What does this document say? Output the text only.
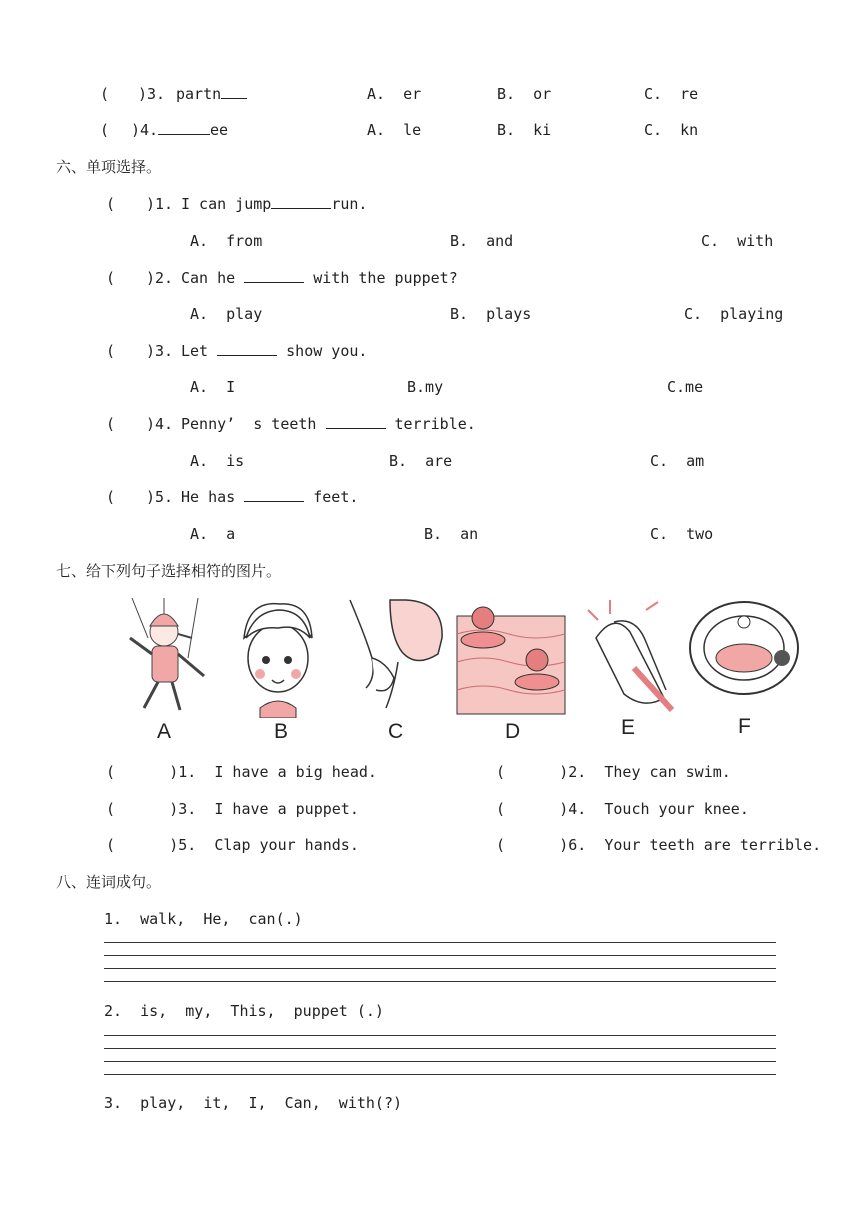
( )3. partn	A.  er	B.  or	C.  re
( )4.	ee	A.  le	B.  ki	C.  kn
六、单项选择。
( )1. I can jump	run.
A.  from	B.  and	C.  with
( )2. Can he	with the puppet?
A.  play	B.  plays	C.  playing
( )3. Let	show you.
A.  I	B.my	C.me
( )4. Penny’  s teeth	terrible.
A.  is	B.  are	C.  am
( )5. He has	feet.
A.  a	B.  an	C.  two
七、给下列句子选择相符的图片。
A	B	C	D	E	F
(      )1.  I have a big head.	(      )2.  They can swim.
(      )3.  I have a puppet.	(      )4.  Touch your knee.
(      )5.  Clap your hands.	(      )6.  Your teeth are terrible.
八、连词成句。
1.  walk,  He,  can(.)
2.  is,  my,  This,  puppet (.)
3.  play,  it,  I,  Can,  with(?)
